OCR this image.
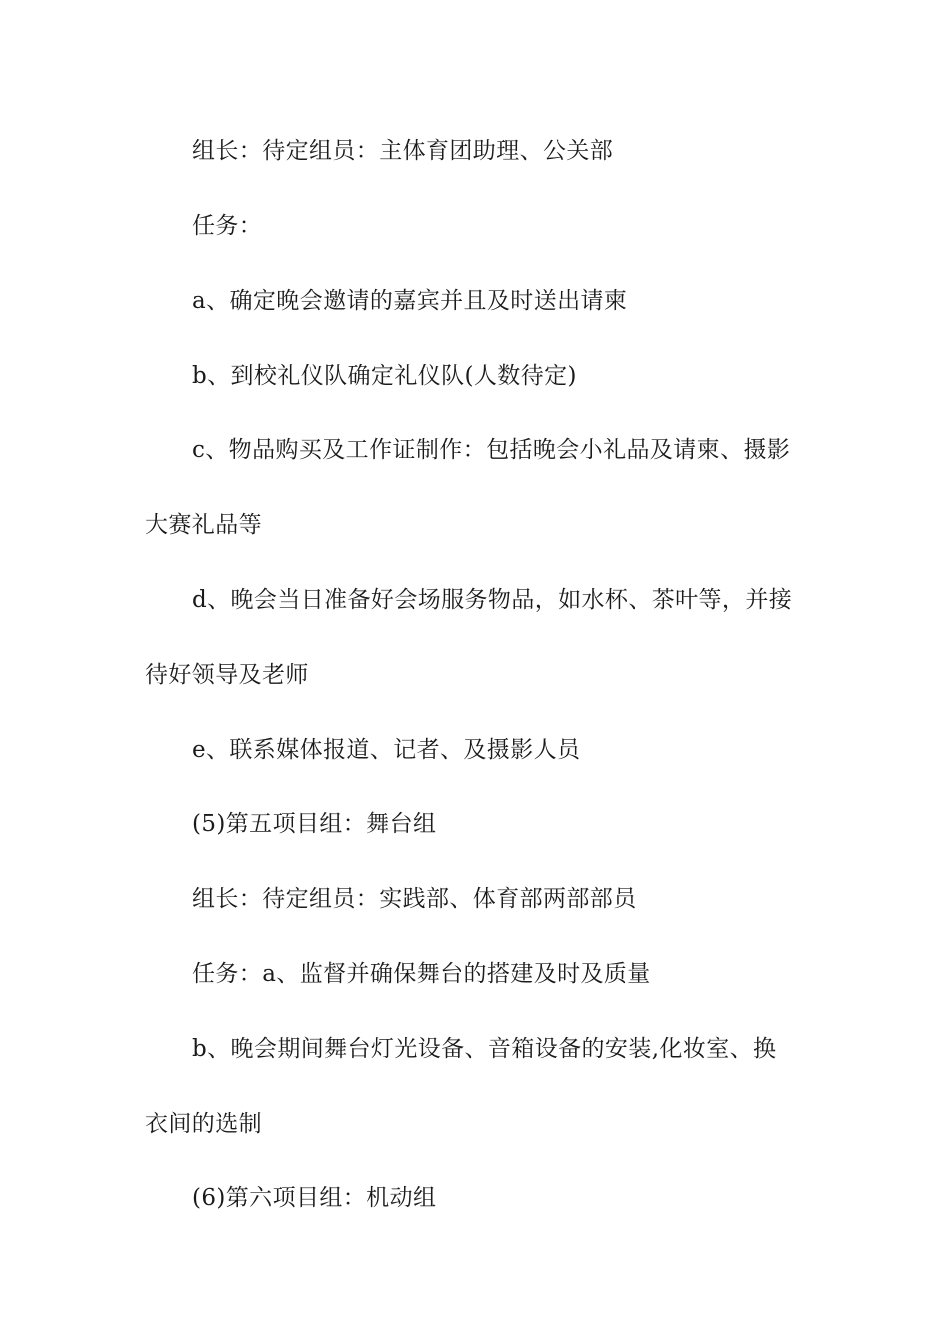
组长：待定组员：主体育团助理、公关部
任务：
a、确定晚会邀请的嘉宾并且及时送出请柬
b、到校礼仪队确定礼仪队(人数待定)
c、物品购买及工作证制作：包括晚会小礼品及请柬、摄影
大赛礼品等
d、晚会当日准备好会场服务物品，如水杯、茶叶等，并接
待好领导及老师
e、联系媒体报道、记者、及摄影人员
(5)第五项目组：舞台组
组长：待定组员：实践部、体育部两部部员
任务：a、监督并确保舞台的搭建及时及质量
b、晚会期间舞台灯光设备、音箱设备的安装,化妆室、换
衣间的选制
(6)第六项目组：机动组
